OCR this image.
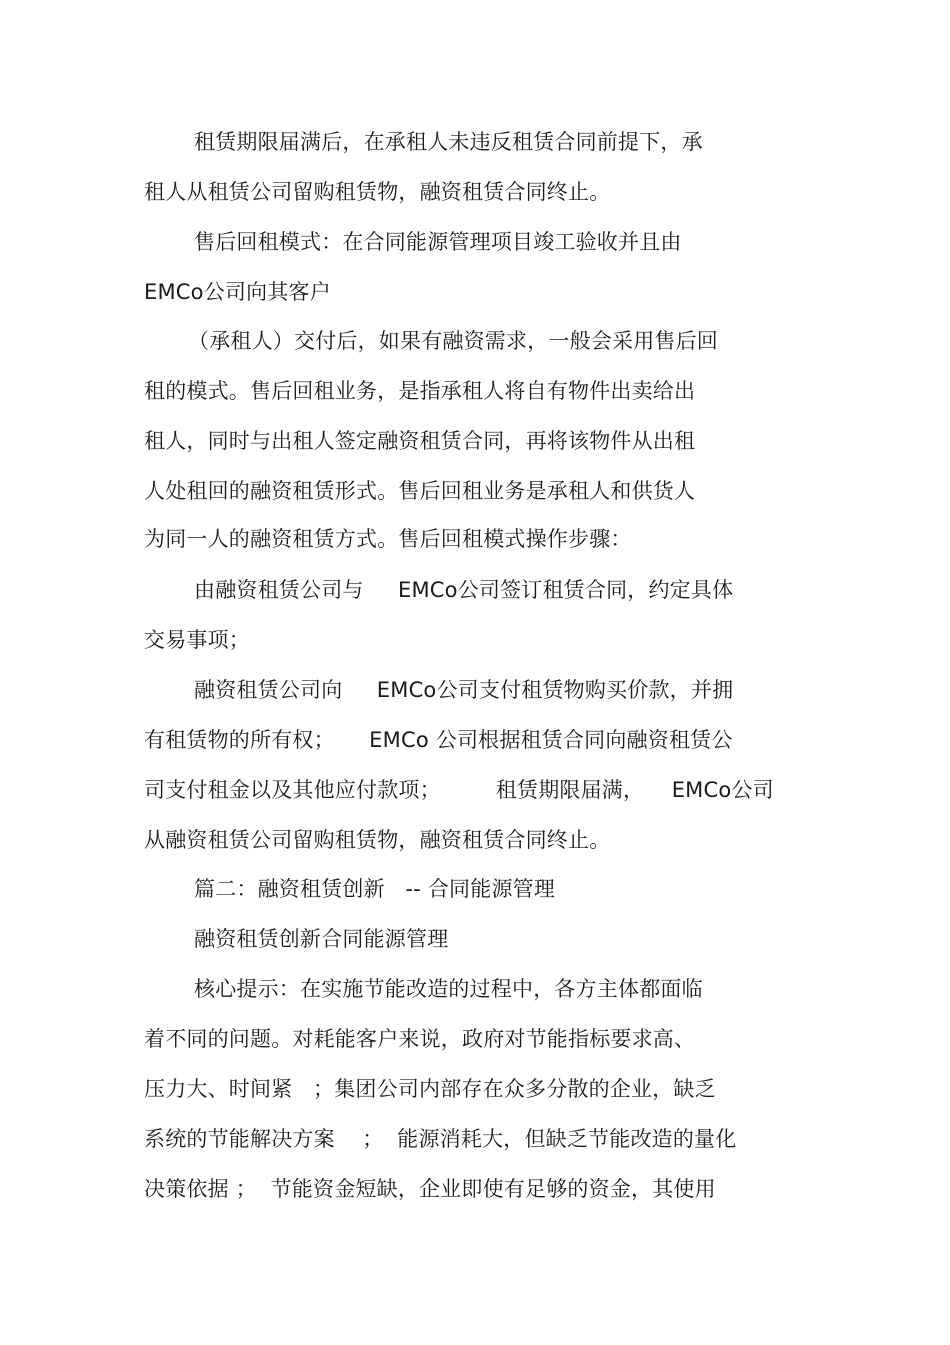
租赁期限届满后，在承租人未违反租赁合同前提下，承
租人从租赁公司留购租赁物，融资租赁合同终止。
售后回租模式：在合同能源管理项目竣工验收并且由
EMCo公司向其客户
（承租人）交付后，如果有融资需求，一般会采用售后回
租的模式。售后回租业务，是指承租人将自有物件出卖给出
租人，同时与出租人签定融资租赁合同，再将该物件从出租
人处租回的融资租赁形式。售后回租业务是承租人和供货人
为同一人的融资租赁方式。售后回租模式操作步骤：
由融资租赁公司与     EMCo公司签订租赁合同，约定具体
交易事项；
融资租赁公司向     EMCo公司支付租赁物购买价款，并拥
有租赁物的所有权；     EMCo 公司根据租赁合同向融资租赁公
司支付租金以及其他应付款项；        租赁期限届满，    EMCo公司
从融资租赁公司留购租赁物，融资租赁合同终止。
篇二：融资租赁创新   -- 合同能源管理
融资租赁创新合同能源管理
核心提示：在实施节能改造的过程中，各方主体都面临
着不同的问题。对耗能客户来说，政府对节能指标要求高、
压力大、时间紧   ；集团公司内部存在众多分散的企业，缺乏
系统的节能解决方案    ；  能源消耗大，但缺乏节能改造的量化
决策依据 ；  节能资金短缺，企业即使有足够的资金，其使用
